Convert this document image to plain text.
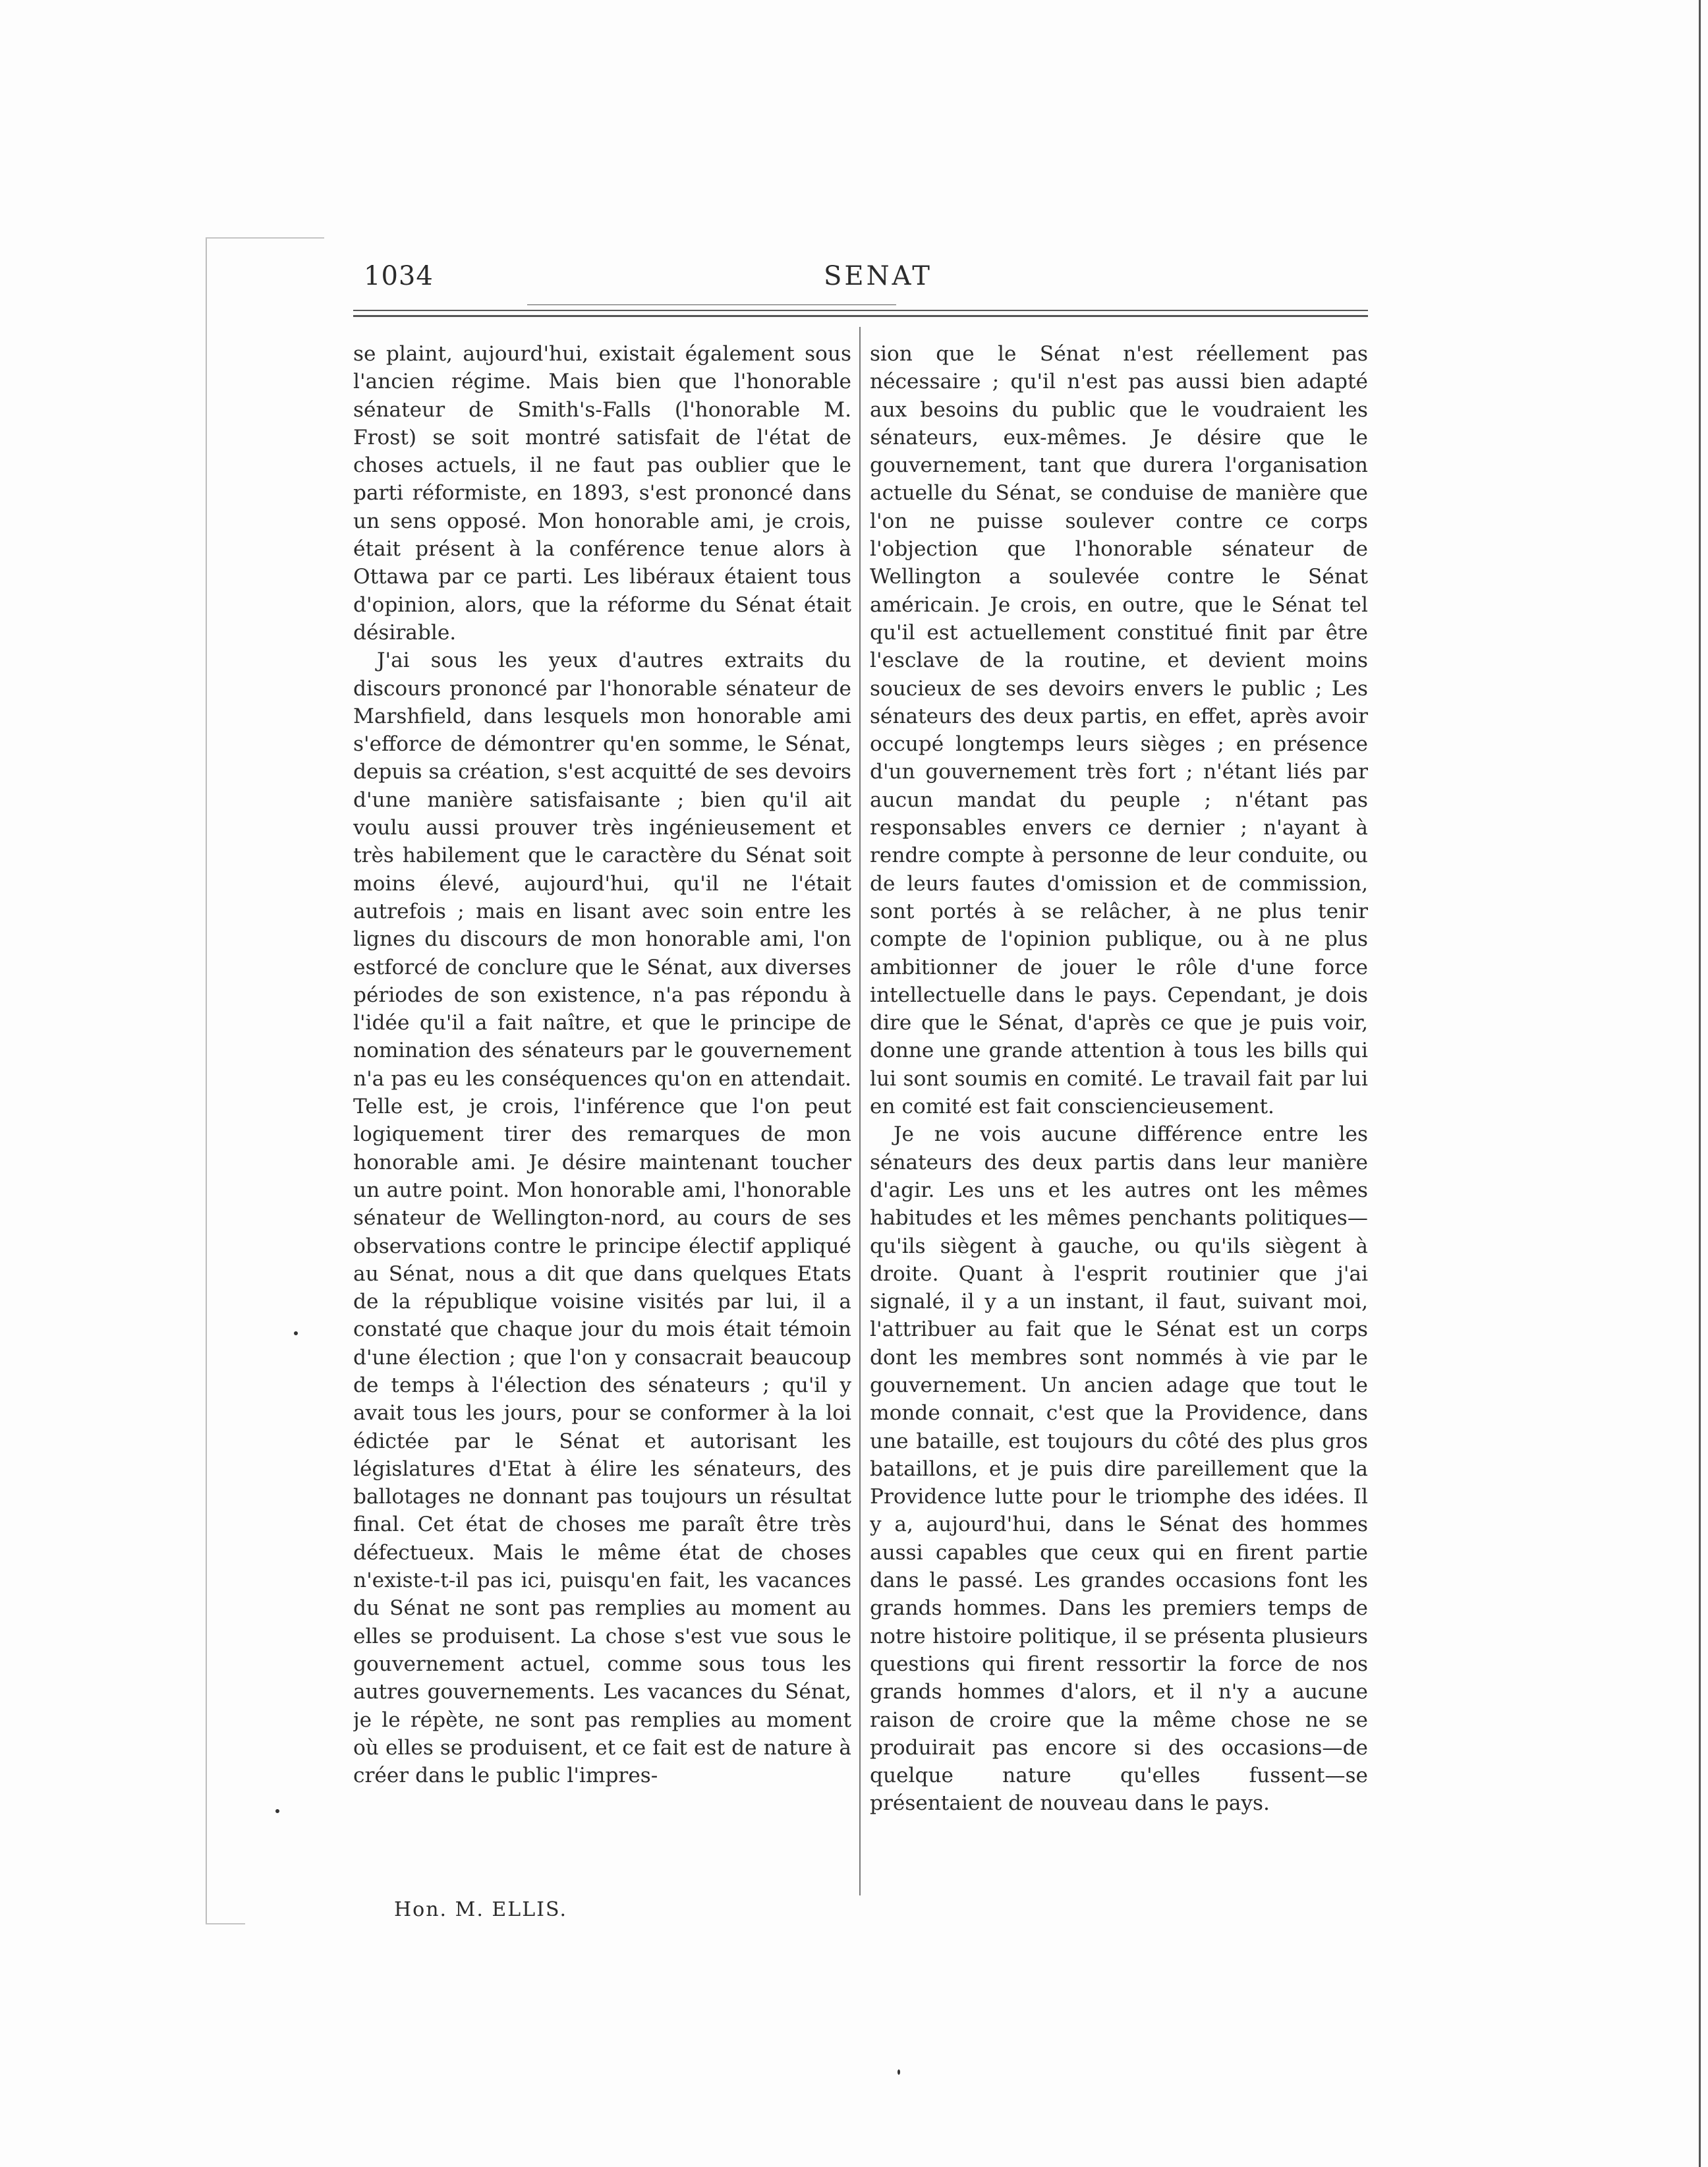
1034	SENAT

se plaint, aujourd'hui, existait également sous l'ancien régime. Mais bien que l'honorable sénateur de Smith's-Falls (l'honorable M. Frost) se soit montré satisfait de l'état de choses actuels, il ne faut pas oublier que le parti réformiste, en 1893, s'est prononcé dans un sens opposé. Mon honorable ami, je crois, était présent à la conférence tenue alors à Ottawa par ce parti. Les libéraux étaient tous d'opinion, alors, que la réforme du Sénat était désirable.

J'ai sous les yeux d'autres extraits du discours prononcé par l'honorable sénateur de Marshfield, dans lesquels mon honorable ami s'efforce de démontrer qu'en somme, le Sénat, depuis sa création, s'est acquitté de ses devoirs d'une manière satisfaisante ; bien qu'il ait voulu aussi prouver très ingénieusement et très habilement que le caractère du Sénat soit moins élevé, aujourd'hui, qu'il ne l'était autrefois ; mais en lisant avec soin entre les lignes du discours de mon honorable ami, l'on estforcé de conclure que le Sénat, aux diverses périodes de son existence, n'a pas répondu à l'idée qu'il a fait naître, et que le principe de nomination des sénateurs par le gouvernement n'a pas eu les conséquences qu'on en attendait. Telle est, je crois, l'inférence que l'on peut logiquement tirer des remarques de mon honorable ami. Je désire maintenant toucher un autre point. Mon honorable ami, l'honorable sénateur de Wellington-nord, au cours de ses observations contre le principe électif appliqué au Sénat, nous a dit que dans quelques Etats de la république voisine visités par lui, il a constaté que chaque jour du mois était témoin d'une élection ; que l'on y consacrait beaucoup de temps à l'élection des sénateurs ; qu'il y avait tous les jours, pour se conformer à la loi édictée par le Sénat et autorisant les législatures d'Etat à élire les sénateurs, des ballotages ne donnant pas toujours un résultat final. Cet état de choses me paraît être très défectueux. Mais le même état de choses n'existe-t-il pas ici, puisqu'en fait, les vacances du Sénat ne sont pas remplies au moment au elles se produisent. La chose s'est vue sous le gouvernement actuel, comme sous tous les autres gouvernements. Les vacances du Sénat, je le répète, ne sont pas remplies au moment où elles se produisent, et ce fait est de nature à créer dans le public l'impres-

sion que le Sénat n'est réellement pas nécessaire ; qu'il n'est pas aussi bien adapté aux besoins du public que le voudraient les sénateurs, eux-mêmes. Je désire que le gouvernement, tant que durera l'organisation actuelle du Sénat, se conduise de manière que l'on ne puisse soulever contre ce corps l'objection que l'honorable sénateur de Wellington a soulevée contre le Sénat américain. Je crois, en outre, que le Sénat tel qu'il est actuellement constitué finit par être l'esclave de la routine, et devient moins soucieux de ses devoirs envers le public ; Les sénateurs des deux partis, en effet, après avoir occupé longtemps leurs sièges ; en présence d'un gouvernement très fort ; n'étant liés par aucun mandat du peuple ; n'étant pas responsables envers ce dernier ; n'ayant à rendre compte à personne de leur conduite, ou de leurs fautes d'omission et de commission, sont portés à se relâcher, à ne plus tenir compte de l'opinion publique, ou à ne plus ambitionner de jouer le rôle d'une force intellectuelle dans le pays. Cependant, je dois dire que le Sénat, d'après ce que je puis voir, donne une grande attention à tous les bills qui lui sont soumis en comité. Le travail fait par lui en comité est fait consciencieusement.

Je ne vois aucune différence entre les sénateurs des deux partis dans leur manière d'agir. Les uns et les autres ont les mêmes habitudes et les mêmes penchants politiques—qu'ils siègent à gauche, ou qu'ils siègent à droite. Quant à l'esprit routinier que j'ai signalé, il y a un instant, il faut, suivant moi, l'attribuer au fait que le Sénat est un corps dont les membres sont nommés à vie par le gouvernement. Un ancien adage que tout le monde connait, c'est que la Providence, dans une bataille, est toujours du côté des plus gros bataillons, et je puis dire pareillement que la Providence lutte pour le triomphe des idées. Il y a, aujourd'hui, dans le Sénat des hommes aussi capables que ceux qui en firent partie dans le passé. Les grandes occasions font les grands hommes. Dans les premiers temps de notre histoire politique, il se présenta plusieurs questions qui firent ressortir la force de nos grands hommes d'alors, et il n'y a aucune raison de croire que la même chose ne se produirait pas encore si des occasions—de quelque nature qu'elles fussent—se présentaient de nouveau dans le pays.

Hon. M. ELLIS.
